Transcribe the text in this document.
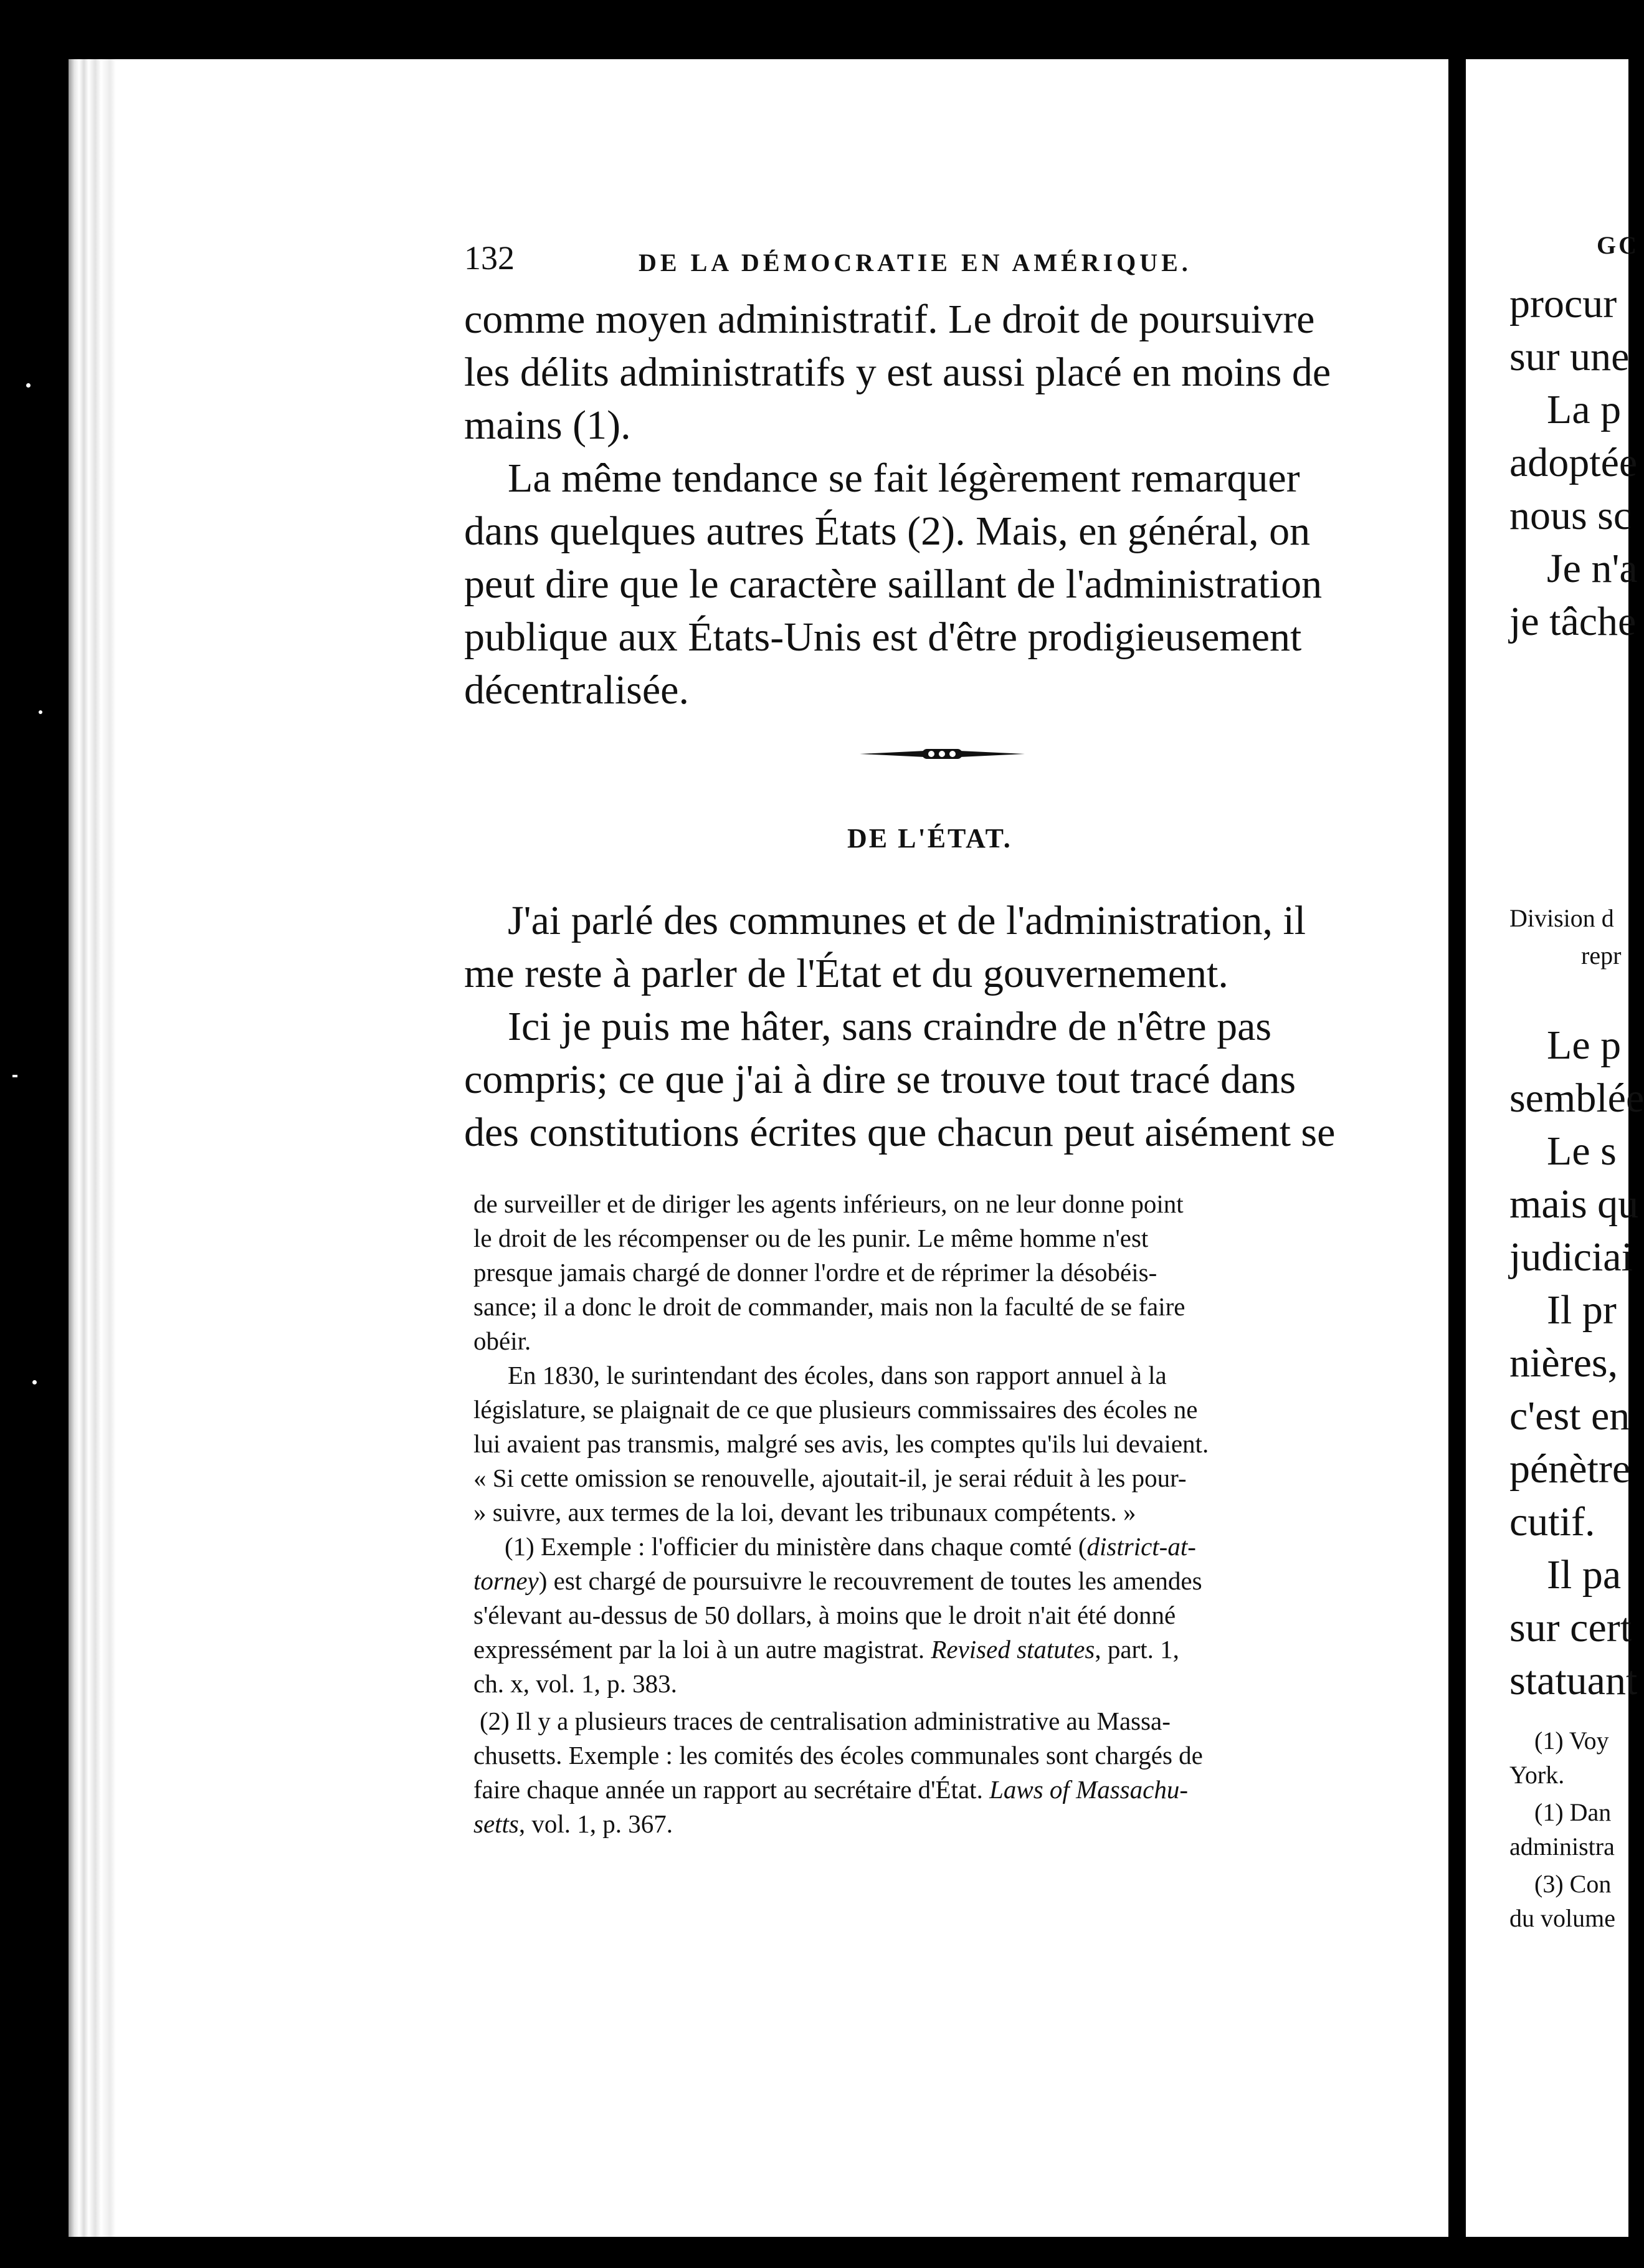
132	DE LA DÉMOCRATIE EN AMÉRIQUE.
comme moyen administratif. Le droit de poursuivre
les délits administratifs y est aussi placé en moins de
mains (1).
La même tendance se fait légèrement remarquer
dans quelques autres États (2). Mais, en général, on
peut dire que le caractère saillant de l'administration
publique aux États-Unis est d'être prodigieusement
décentralisée.
DE L'ÉTAT.
J'ai parlé des communes et de l'administration, il
me reste à parler de l'État et du gouvernement.
Ici je puis me hâter, sans craindre de n'être pas
compris; ce que j'ai à dire se trouve tout tracé dans
des constitutions écrites que chacun peut aisément se
de surveiller et de diriger les agents inférieurs, on ne leur donne point
le droit de les récompenser ou de les punir. Le même homme n'est
presque jamais chargé de donner l'ordre et de réprimer la désobéis-
sance; il a donc le droit de commander, mais non la faculté de se faire
obéir.
En 1830, le surintendant des écoles, dans son rapport annuel à la
législature, se plaignait de ce que plusieurs commissaires des écoles ne
lui avaient pas transmis, malgré ses avis, les comptes qu'ils lui devaient.
« Si cette omission se renouvelle, ajoutait-il, je serai réduit à les pour-
» suivre, aux termes de la loi, devant les tribunaux compétents. »
(1) Exemple : l'officier du ministère dans chaque comté (district-at-
torney) est chargé de poursuivre le recouvrement de toutes les amendes
s'élevant au-dessus de 50 dollars, à moins que le droit n'ait été donné
expressément par la loi à un autre magistrat. Revised statutes, part. 1,
ch. x, vol. 1, p. 383.
(2) Il y a plusieurs traces de centralisation administrative au Massa-
chusetts. Exemple : les comités des écoles communales sont chargés de
faire chaque année un rapport au secrétaire d'État. Laws of Massachu-
setts, vol. 1, p. 367.
GC
procur
sur une
La p
adoptée
nous sc
Je n'a
je tâche
Division d
repr
Le p
semblée
Le s
mais qu
judiciai
Il pr
nières,
c'est en
pénètre
cutif.
Il pa
sur cert
statuant
(1) Voy
York.
(1) Dan
administra
(3) Con
du volume
